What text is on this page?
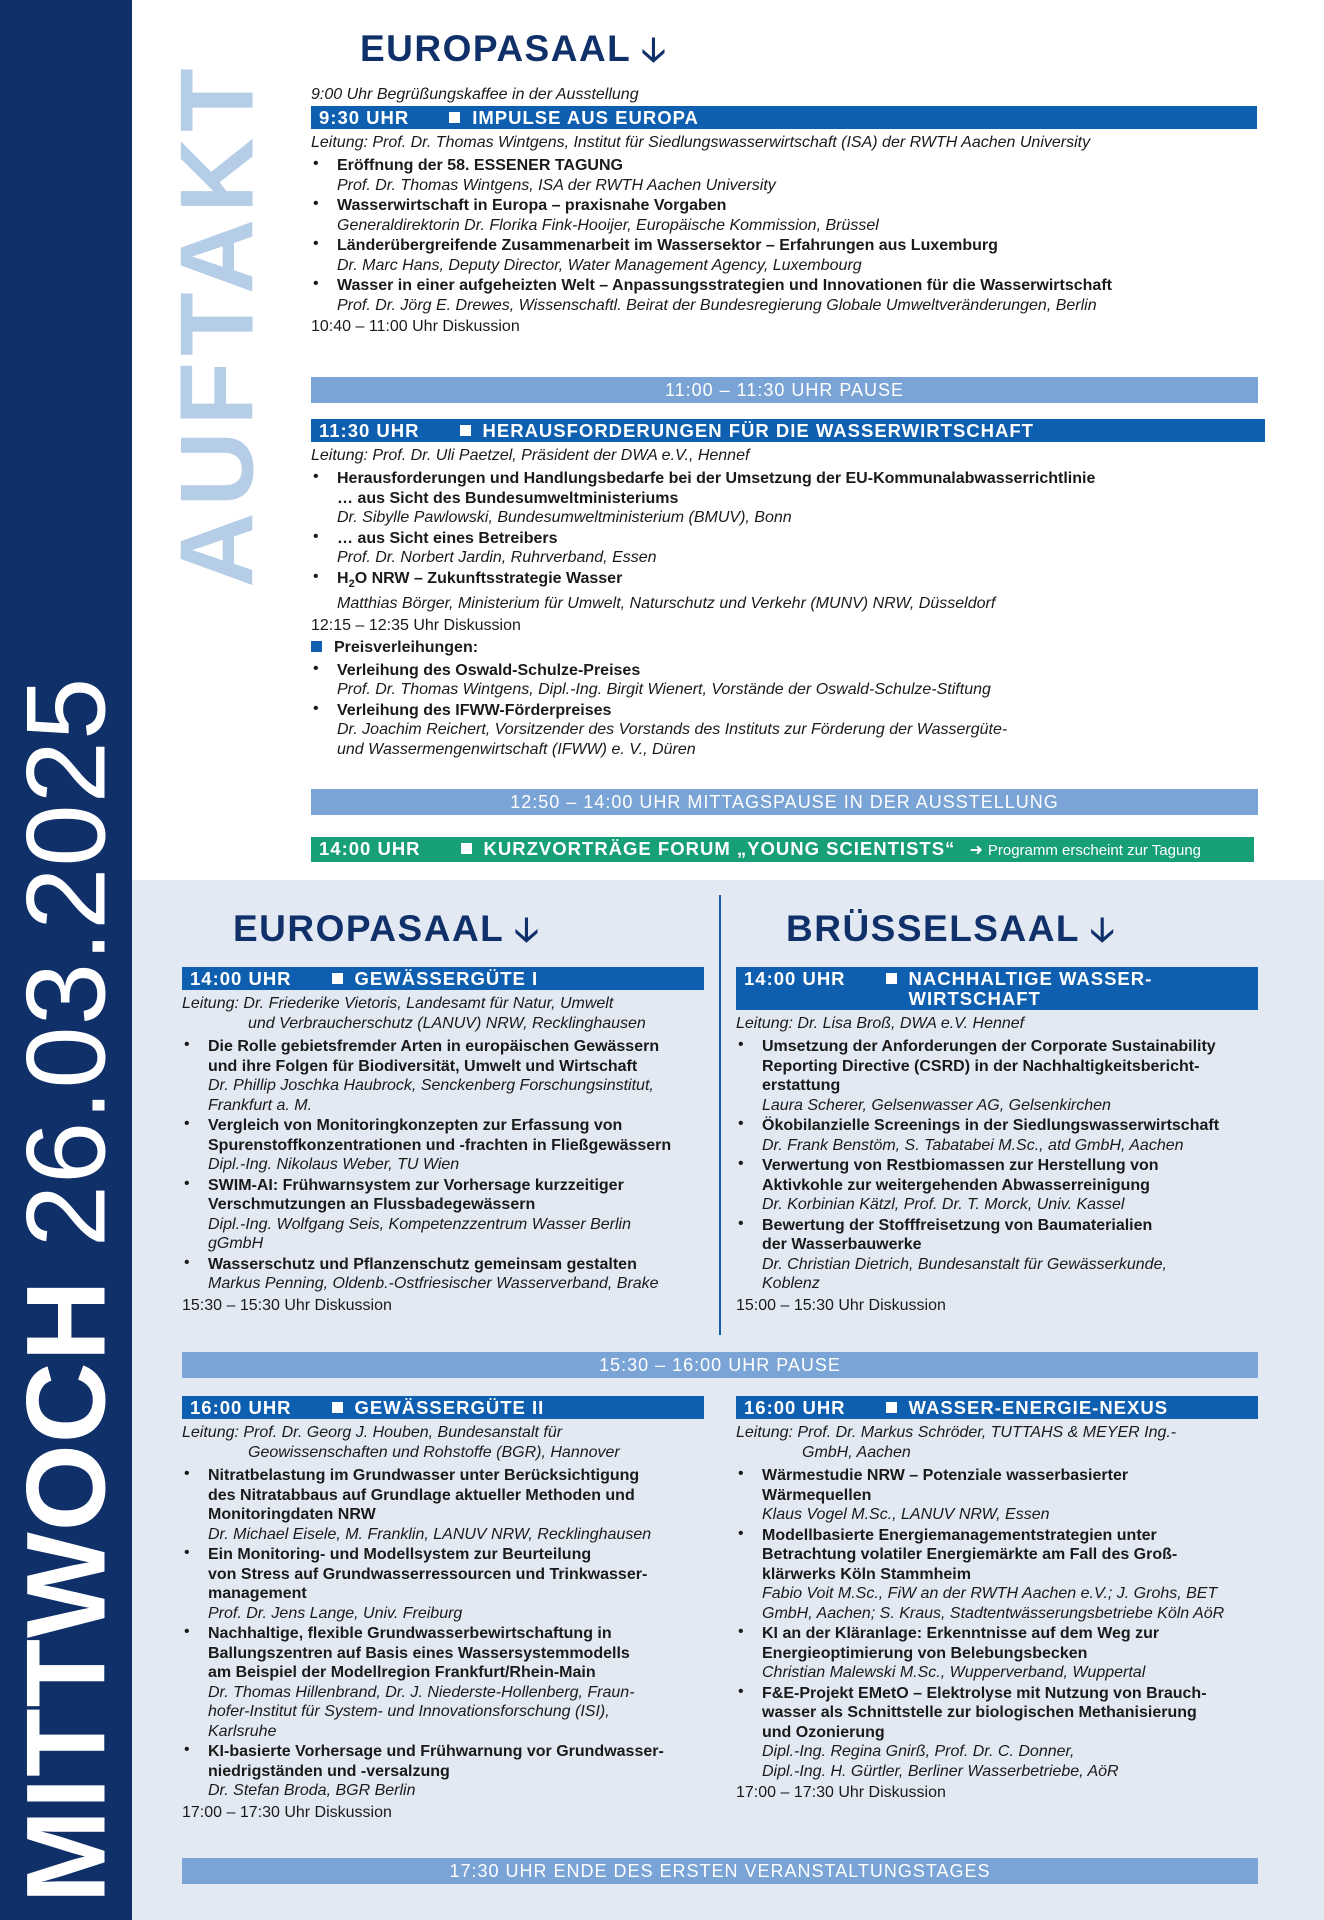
MITTWOCH 26.03.2025
AUFTAKT
EUROPASAAL 🡣
9:00 Uhr Begrüßungskaffee in der Ausstellung
9:30 UHR	IMPULSE AUS EUROPA
Leitung: Prof. Dr. Thomas Wintgens, Institut für Siedlungswasserwirtschaft (ISA) der RWTH Aachen University
• Eröffnung der 58. ESSENER TAGUNG
Prof. Dr. Thomas Wintgens, ISA der RWTH Aachen University
• Wasserwirtschaft in Europa – praxisnahe Vorgaben
Generaldirektorin Dr. Florika Fink-Hooijer, Europäische Kommission, Brüssel
• Länderübergreifende Zusammenarbeit im Wassersektor – Erfahrungen aus Luxemburg
Dr. Marc Hans, Deputy Director, Water Management Agency, Luxembourg
• Wasser in einer aufgeheizten Welt – Anpassungsstrategien und Innovationen für die Wasserwirtschaft
Prof. Dr. Jörg E. Drewes, Wissenschaftl. Beirat der Bundesregierung Globale Umweltveränderungen, Berlin
10:40 – 11:00 Uhr Diskussion
11:00 – 11:30 UHR PAUSE
11:30 UHR	HERAUSFORDERUNGEN FÜR DIE WASSERWIRTSCHAFT
Leitung: Prof. Dr. Uli Paetzel, Präsident der DWA e.V., Hennef
• Herausforderungen und Handlungsbedarfe bei der Umsetzung der EU-Kommunalabwasserrichtlinie
… aus Sicht des Bundesumweltministeriums
Dr. Sibylle Pawlowski, Bundesumweltministerium (BMUV), Bonn
• … aus Sicht eines Betreibers
Prof. Dr. Norbert Jardin, Ruhrverband, Essen
• $H_2O$ NRW – Zukunftsstrategie Wasser
Matthias Börger, Ministerium für Umwelt, Naturschutz und Verkehr (MUNV) NRW, Düsseldorf
12:15 – 12:35 Uhr Diskussion
Preisverleihungen:
• Verleihung des Oswald-Schulze-Preises
Prof. Dr. Thomas Wintgens, Dipl.-Ing. Birgit Wienert, Vorstände der Oswald-Schulze-Stiftung
• Verleihung des IFWW-Förderpreises
Dr. Joachim Reichert, Vorsitzender des Vorstands des Instituts zur Förderung der Wassergüte-
und Wassermengenwirtschaft (IFWW) e. V., Düren
12:50 – 14:00 UHR MITTAGSPAUSE IN DER AUSSTELLUNG
14:00 UHR	KURZVORTRÄGE FORUM „YOUNG SCIENTISTS“ ➜ Programm erscheint zur Tagung
EUROPASAAL 🡣	BRÜSSELSAAL 🡣
14:00 UHR	GEWÄSSERGÜTE I
Leitung: Dr. Friederike Vietoris, Landesamt für Natur, Umwelt
und Verbraucherschutz (LANUV) NRW, Recklinghausen
• Die Rolle gebietsfremder Arten in europäischen Gewässern
und ihre Folgen für Biodiversität, Umwelt und Wirtschaft
Dr. Phillip Joschka Haubrock, Senckenberg Forschungsinstitut,
Frankfurt a. M.
• Vergleich von Monitoringkonzepten zur Erfassung von
Spurenstoffkonzentrationen und -frachten in Fließgewässern
Dipl.-Ing. Nikolaus Weber, TU Wien
• SWIM-AI: Frühwarnsystem zur Vorhersage kurzzeitiger
Verschmutzungen an Flussbadegewässern
Dipl.-Ing. Wolfgang Seis, Kompetenzzentrum Wasser Berlin
gGmbH
• Wasserschutz und Pflanzenschutz gemeinsam gestalten
Markus Penning, Oldenb.-Ostfriesischer Wasserverband, Brake
15:30 – 15:30 Uhr Diskussion
14:00 UHR	NACHHALTIGE WASSER-
WIRTSCHAFT
Leitung: Dr. Lisa Broß, DWA e.V. Hennef
• Umsetzung der Anforderungen der Corporate Sustainability
Reporting Directive (CSRD) in der Nachhaltigkeitsbericht-
erstattung
Laura Scherer, Gelsenwasser AG, Gelsenkirchen
• Ökobilanzielle Screenings in der Siedlungswasserwirtschaft
Dr. Frank Benstöm, S. Tabatabei M.Sc., atd GmbH, Aachen
• Verwertung von Restbiomassen zur Herstellung von
Aktivkohle zur weitergehenden Abwasserreinigung
Dr. Korbinian Kätzl, Prof. Dr. T. Morck, Univ. Kassel
• Bewertung der Stofffreisetzung von Baumaterialien
der Wasserbauwerke
Dr. Christian Dietrich, Bundesanstalt für Gewässerkunde,
Koblenz
15:00 – 15:30 Uhr Diskussion
15:30 – 16:00 UHR PAUSE
16:00 UHR	GEWÄSSERGÜTE II
Leitung: Prof. Dr. Georg J. Houben, Bundesanstalt für
Geowissenschaften und Rohstoffe (BGR), Hannover
• Nitratbelastung im Grundwasser unter Berücksichtigung
des Nitratabbaus auf Grundlage aktueller Methoden und
Monitoringdaten NRW
Dr. Michael Eisele, M. Franklin, LANUV NRW, Recklinghausen
• Ein Monitoring- und Modellsystem zur Beurteilung
von Stress auf Grundwasserressourcen und Trinkwasser-
management
Prof. Dr. Jens Lange, Univ. Freiburg
• Nachhaltige, flexible Grundwasserbewirtschaftung in
Ballungszentren auf Basis eines Wassersystemmodells
am Beispiel der Modellregion Frankfurt/Rhein-Main
Dr. Thomas Hillenbrand, Dr. J. Niederste-Hollenberg, Fraun-
hofer-Institut für System- und Innovationsforschung (ISI),
Karlsruhe
• KI-basierte Vorhersage und Frühwarnung vor Grundwasser-
niedrigständen und -versalzung
Dr. Stefan Broda, BGR Berlin
17:00 – 17:30 Uhr Diskussion
16:00 UHR	WASSER-ENERGIE-NEXUS
Leitung: Prof. Dr. Markus Schröder, TUTTAHS & MEYER Ing.-
GmbH, Aachen
• Wärmestudie NRW – Potenziale wasserbasierter
Wärmequellen
Klaus Vogel M.Sc., LANUV NRW, Essen
• Modellbasierte Energiemanagementstrategien unter
Betrachtung volatiler Energiemärkte am Fall des Groß-
klärwerks Köln Stammheim
Fabio Voit M.Sc., FiW an der RWTH Aachen e.V.; J. Grohs, BET
GmbH, Aachen; S. Kraus, Stadtentwässerungsbetriebe Köln AöR
• KI an der Kläranlage: Erkenntnisse auf dem Weg zur
Energieoptimierung von Belebungsbecken
Christian Malewski M.Sc., Wupperverband, Wuppertal
• F&E-Projekt EMetO – Elektrolyse mit Nutzung von Brauch-
wasser als Schnittstelle zur biologischen Methanisierung
und Ozonierung
Dipl.-Ing. Regina Gnirß, Prof. Dr. C. Donner,
Dipl.-Ing. H. Gürtler, Berliner Wasserbetriebe, AöR
17:00 – 17:30 Uhr Diskussion
17:30 UHR ENDE DES ERSTEN VERANSTALTUNGSTAGES
